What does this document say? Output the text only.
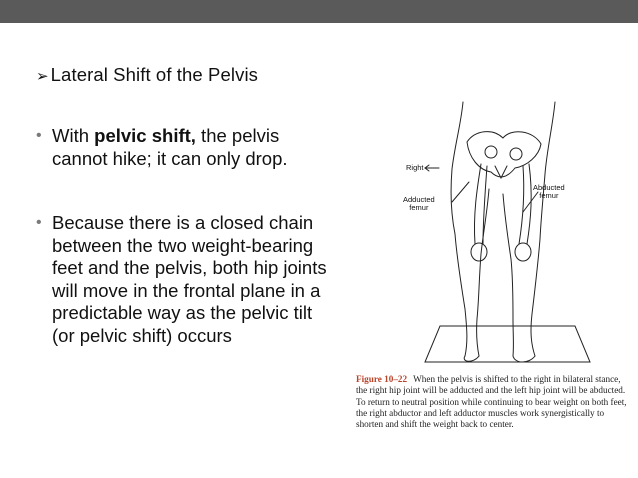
➢ Lateral Shift of the Pelvis
• With pelvic shift, the pelvis cannot hike; it can only drop.
• Because there is a closed chain between the two weight-bearing feet and the pelvis, both hip joints will move in the frontal plane in a predictable way as the pelvic tilt (or pelvic shift) occurs
Right
Adducted
femur
Abducted
femur
Figure 10–22 When the pelvis is shifted to the right in bilateral stance, the right hip joint will be adducted and the left hip joint will be abducted. To return to neutral position while continuing to bear weight on both feet, the right abductor and left adductor muscles work synergistically to shorten and shift the weight back to center.
